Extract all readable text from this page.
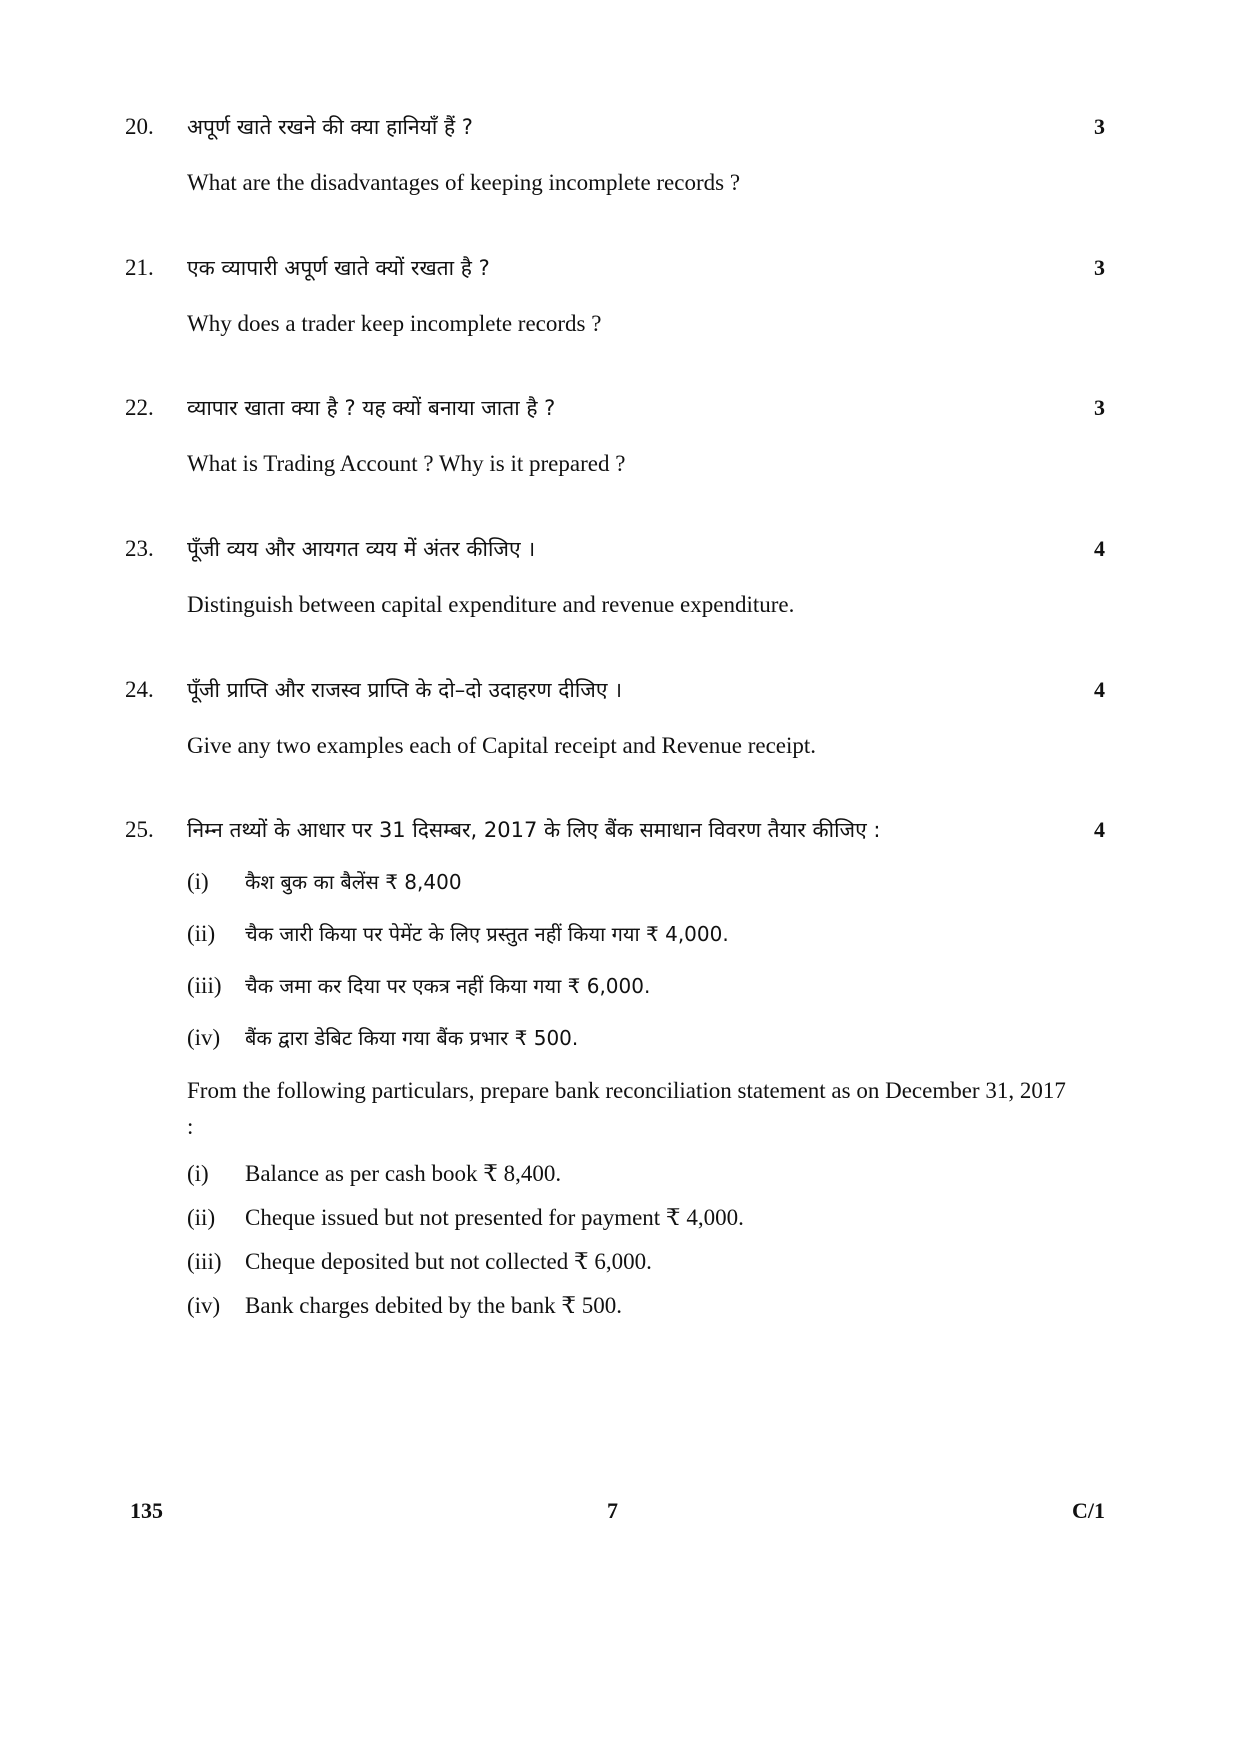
20. अपूर्ण खाते रखने की क्या हानियाँ हैं ?	3
What are the disadvantages of keeping incomplete records ?
21. एक व्यापारी अपूर्ण खाते क्यों रखता है ?	3
Why does a trader keep incomplete records ?
22. व्यापार खाता क्या है ? यह क्यों बनाया जाता है ?	3
What is Trading Account ? Why is it prepared ?
23. पूँजी व्यय और आयगत व्यय में अंतर कीजिए ।	4
Distinguish between capital expenditure and revenue expenditure.
24. पूँजी प्राप्ति और राजस्व प्राप्ति के दो–दो उदाहरण दीजिए ।	4
Give any two examples each of Capital receipt and Revenue receipt.
25. निम्न तथ्यों के आधार पर 31 दिसम्बर, 2017 के लिए बैंक समाधान विवरण तैयार कीजिए :	4
(i) कैश बुक का बैलेंस ₹ 8,400
(ii) चैक जारी किया पर पेमेंट के लिए प्रस्तुत नहीं किया गया ₹ 4,000.
(iii) चैक जमा कर दिया पर एकत्र नहीं किया गया ₹ 6,000.
(iv) बैंक द्वारा डेबिट किया गया बैंक प्रभार ₹ 500.
From the following particulars, prepare bank reconciliation statement as on December 31, 2017 :
(i) Balance as per cash book ₹ 8,400.
(ii) Cheque issued but not presented for payment ₹ 4,000.
(iii) Cheque deposited but not collected ₹ 6,000.
(iv) Bank charges debited by the bank ₹ 500.
135	7	C/1
